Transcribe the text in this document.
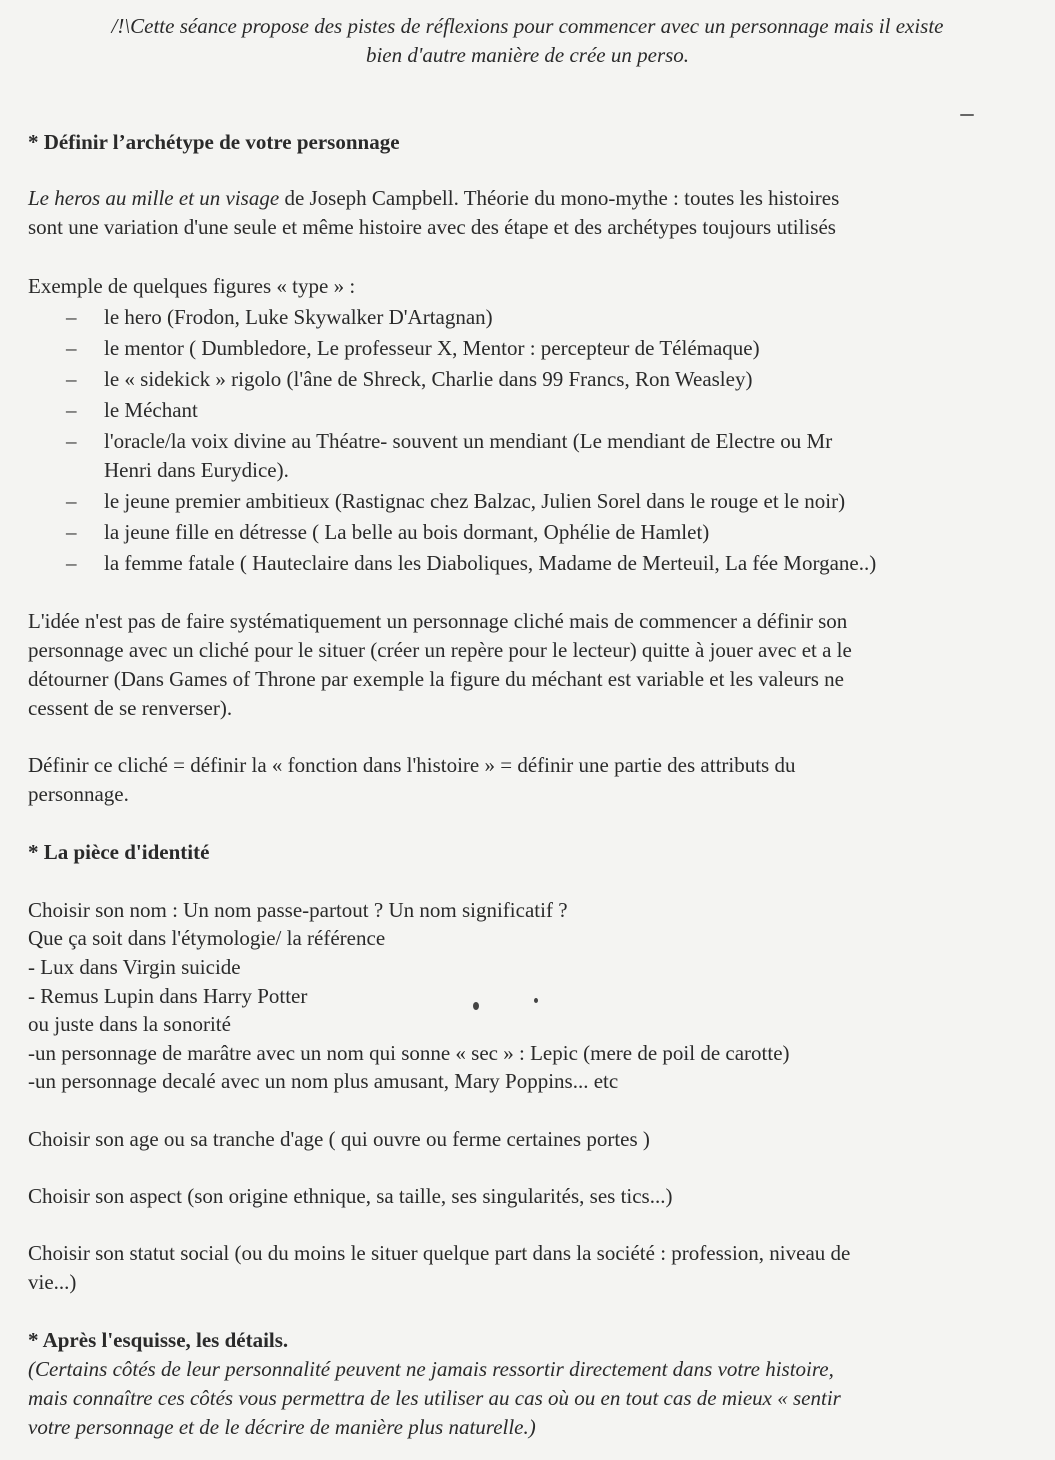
/!\Cette séance propose des pistes de réflexions pour commencer avec un personnage mais il existe
bien d'autre manière de crée un perso.
* Définir l’archétype de votre personnage
Le heros au mille et un visage de Joseph Campbell. Théorie du mono-mythe : toutes les histoires
sont une variation d'une seule et même histoire avec des étape et des archétypes toujours utilisés
Exemple de quelques figures « type » :
– le hero (Frodon, Luke Skywalker D'Artagnan)
– le mentor ( Dumbledore, Le professeur X, Mentor : percepteur de Télémaque)
– le « sidekick » rigolo (l'âne de Shreck, Charlie dans 99 Francs, Ron Weasley)
– le Méchant
– l'oracle/la voix divine au Théatre- souvent un mendiant (Le mendiant de Electre ou Mr
Henri dans Eurydice).
– le jeune premier ambitieux (Rastignac chez Balzac, Julien Sorel dans le rouge et le noir)
– la jeune fille en détresse ( La belle au bois dormant, Ophélie de Hamlet)
– la femme fatale ( Hauteclaire dans les Diaboliques, Madame de Merteuil, La fée Morgane..)
L'idée n'est pas de faire systématiquement un personnage cliché mais de commencer a définir son
personnage avec un cliché pour le situer (créer un repère pour le lecteur) quitte à jouer avec et a le
détourner (Dans Games of Throne par exemple la figure du méchant est variable et les valeurs ne
cessent de se renverser).
Définir ce cliché = définir la « fonction dans l'histoire » = définir une partie des attributs du
personnage.
* La pièce d'identité
Choisir son nom : Un nom passe-partout ? Un nom significatif ?
Que ça soit dans l'étymologie/ la référence
- Lux dans Virgin suicide
- Remus Lupin dans Harry Potter
ou juste dans la sonorité
-un personnage de marâtre avec un nom qui sonne « sec » : Lepic (mere de poil de carotte)
-un personnage decalé avec un nom plus amusant, Mary Poppins... etc
Choisir son age ou sa tranche d'age ( qui ouvre ou ferme certaines portes )
Choisir son aspect (son origine ethnique, sa taille, ses singularités, ses tics...)
Choisir son statut social (ou du moins le situer quelque part dans la société : profession, niveau de
vie...)
* Après l'esquisse, les détails.
(Certains côtés de leur personnalité peuvent ne jamais ressortir directement dans votre histoire,
mais connaître ces côtés vous permettra de les utiliser au cas où ou en tout cas de mieux « sentir
votre personnage et de le décrire de manière plus naturelle.)
